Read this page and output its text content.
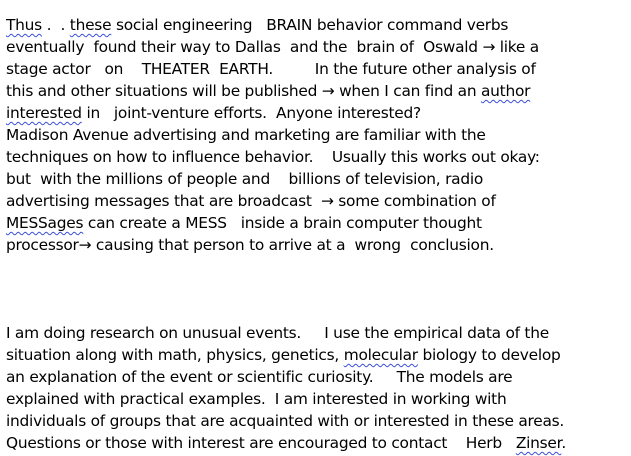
Thus .  . these social engineering   BRAIN behavior command verbs
eventually  found their way to Dallas  and the  brain of  Oswald → like a
stage actor   on    THEATER  EARTH.         In the future other analysis of
this and other situations will be published → when I can find an author
interested in   joint-venture efforts.  Anyone interested?
Madison Avenue advertising and marketing are familiar with the
techniques on how to influence behavior.    Usually this works out okay:
but  with the millions of people and    billions of television, radio
advertising messages that are broadcast  → some combination of
MESSages can create a MESS   inside a brain computer thought
processor→ causing that person to arrive at a  wrong  conclusion.
I am doing research on unusual events.     I use the empirical data of the
situation along with math, physics, genetics, molecular biology to develop
an explanation of the event or scientific curiosity.     The models are
explained with practical examples.  I am interested in working with
individuals of groups that are acquainted with or interested in these areas.
Questions or those with interest are encouraged to contact    Herb   Zinser.
